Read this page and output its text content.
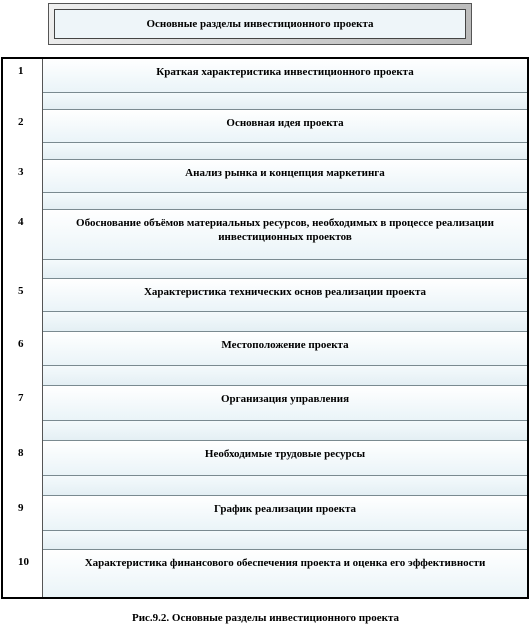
Основные разделы инвестиционного проекта
1	Краткая характеристика инвестиционного проекта
2	Основная идея проекта
3	Анализ рынка и концепция маркетинга
4	Обоснование объёмов материальных ресурсов, необходимых в процессе реализации инвестиционных проектов
5	Характеристика технических основ реализации проекта
6	Местоположение проекта
7	Организация управления
8	Необходимые трудовые ресурсы
9	График реализации проекта
10	Характеристика финансового обеспечения проекта и оценка его эффективности
Рис.9.2. Основные разделы инвестиционного проекта
